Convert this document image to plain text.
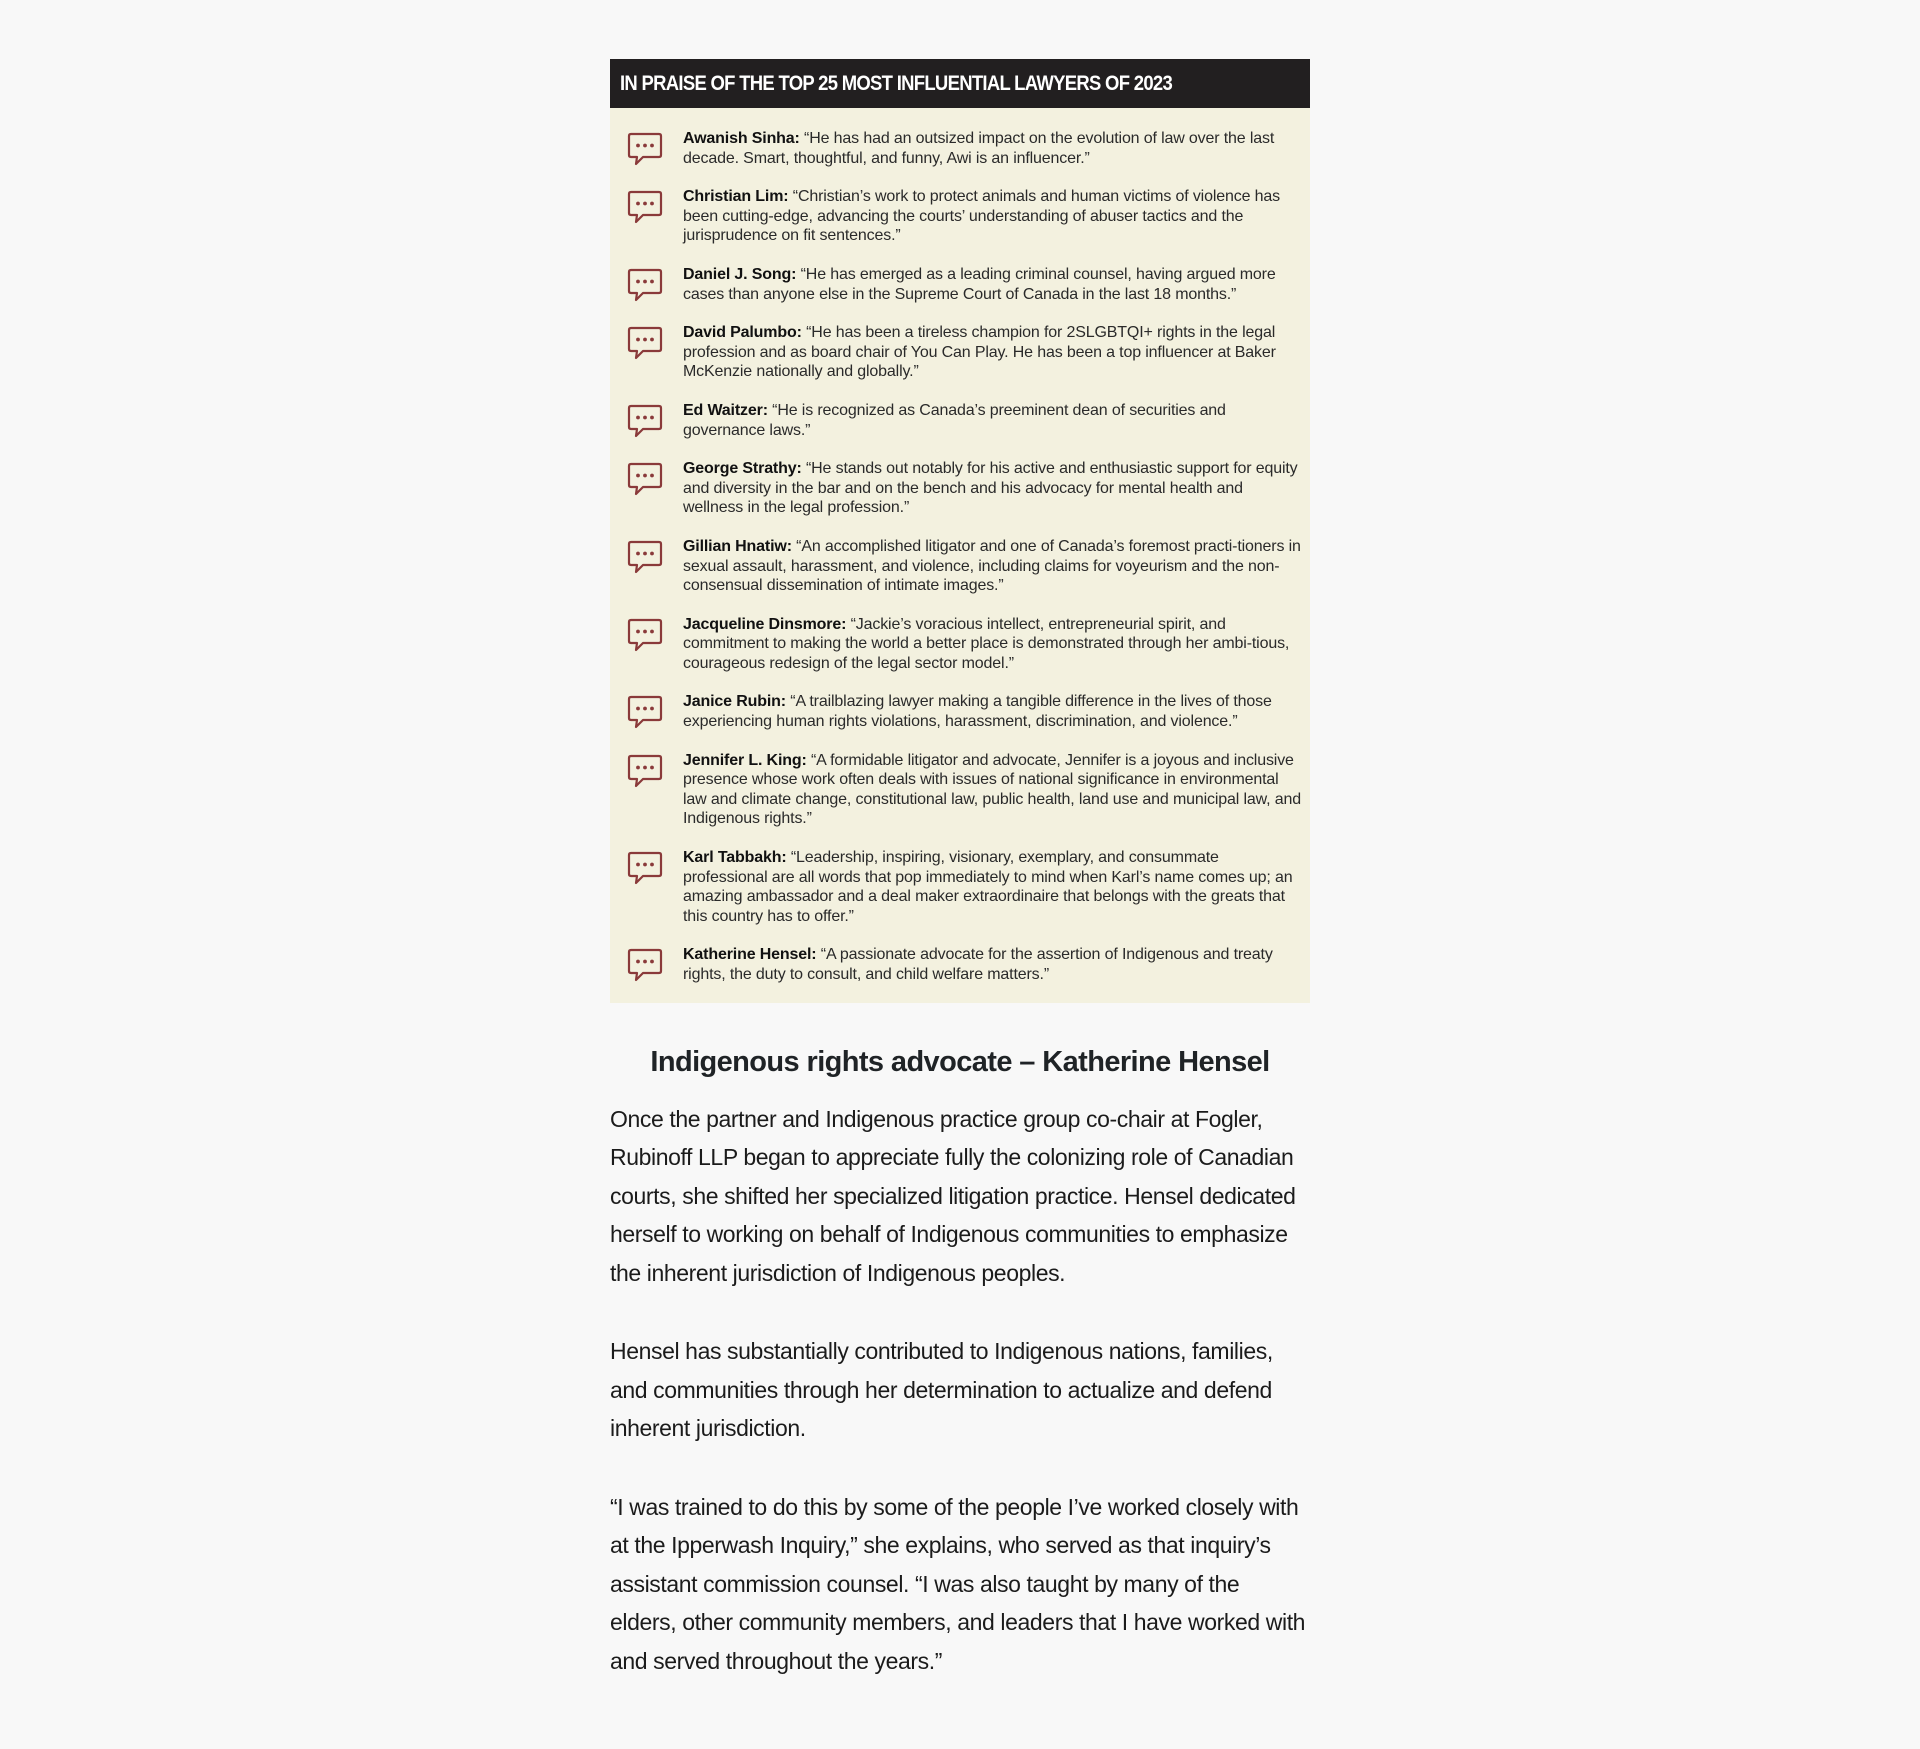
IN PRAISE OF THE TOP 25 MOST INFLUENTIAL LAWYERS OF 2023
Awanish Sinha: “He has had an outsized impact on the evolution of law over the last decade. Smart, thoughtful, and funny, Awi is an influencer.”
Christian Lim: “Christian’s work to protect animals and human victims of violence has been cutting-edge, advancing the courts’ understanding of abuser tactics and the jurisprudence on fit sentences.”
Daniel J. Song: “He has emerged as a leading criminal counsel, having argued more cases than anyone else in the Supreme Court of Canada in the last 18 months.”
David Palumbo: “He has been a tireless champion for 2SLGBTQI+ rights in the legal profession and as board chair of You Can Play. He has been a top influencer at Baker McKenzie nationally and globally.”
Ed Waitzer: “He is recognized as Canada’s preeminent dean of securities and governance laws.”
George Strathy: “He stands out notably for his active and enthusiastic support for equity and diversity in the bar and on the bench and his advocacy for mental health and wellness in the legal profession.”
Gillian Hnatiw: “An accomplished litigator and one of Canada’s foremost practi-tioners in sexual assault, harassment, and violence, including claims for voyeurism and the non-consensual dissemination of intimate images.”
Jacqueline Dinsmore: “Jackie’s voracious intellect, entrepreneurial spirit, and commitment to making the world a better place is demonstrated through her ambi-tious, courageous redesign of the legal sector model.”
Janice Rubin: “A trailblazing lawyer making a tangible difference in the lives of those experiencing human rights violations, harassment, discrimination, and violence.”
Jennifer L. King: “A formidable litigator and advocate, Jennifer is a joyous and inclusive presence whose work often deals with issues of national significance in environmental law and climate change, constitutional law, public health, land use and municipal law, and Indigenous rights.”
Karl Tabbakh: “Leadership, inspiring, visionary, exemplary, and consummate professional are all words that pop immediately to mind when Karl’s name comes up; an amazing ambassador and a deal maker extraordinaire that belongs with the greats that this country has to offer.”
Katherine Hensel: “A passionate advocate for the assertion of Indigenous and treaty rights, the duty to consult, and child welfare matters.”
Indigenous rights advocate – Katherine Hensel

Once the partner and Indigenous practice group co-chair at Fogler, Rubinoff LLP began to appreciate fully the colonizing role of Canadian courts, she shifted her specialized litigation practice. Hensel dedicated herself to working on behalf of Indigenous communities to emphasize the inherent jurisdiction of Indigenous peoples.

Hensel has substantially contributed to Indigenous nations, families, and communities through her determination to actualize and defend inherent jurisdiction.

“I was trained to do this by some of the people I’ve worked closely with at the Ipperwash Inquiry,” she explains, who served as that inquiry’s assistant commission counsel. “I was also taught by many of the elders, other community members, and leaders that I have worked with and served throughout the years.”
